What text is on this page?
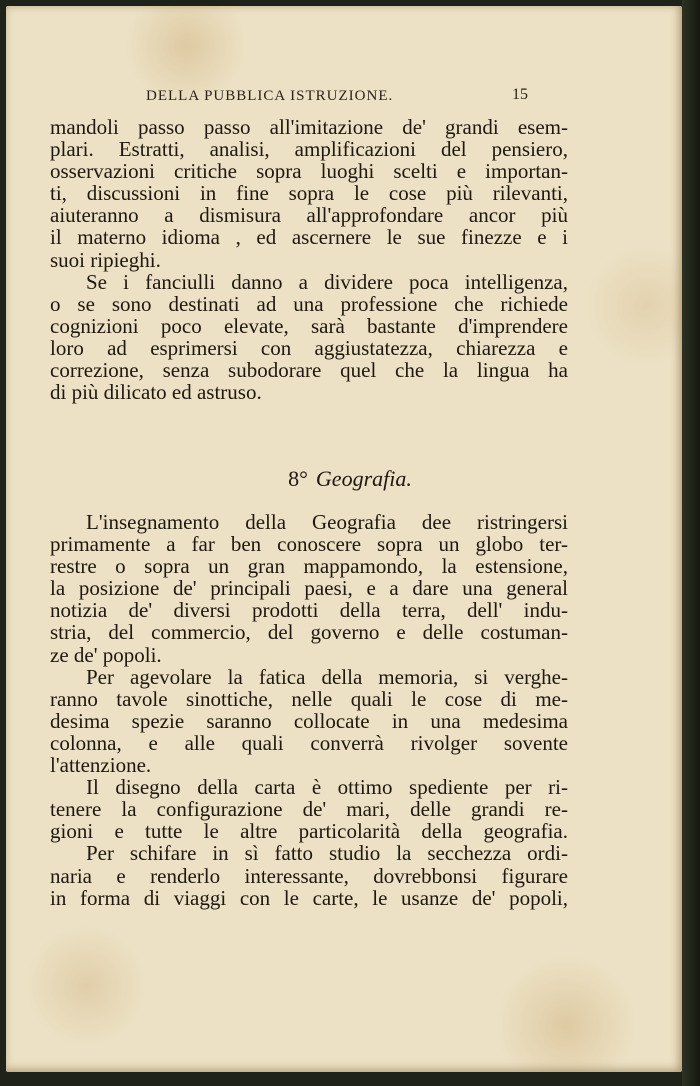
DELLA PUBBLICA ISTRUZIONE.	15
mandoli passo passo all'imitazione de' grandi esem-
plari. Estratti, analisi, amplificazioni del pensiero,
osservazioni critiche sopra luoghi scelti e importan-
ti, discussioni in fine sopra le cose più rilevanti,
aiuteranno a dismisura all'approfondare ancor più
il materno idioma , ed ascernere le sue finezze e i
suoi ripieghi.
Se i fanciulli danno a dividere poca intelligenza,
o se sono destinati ad una professione che richiede
cognizioni poco elevate, sarà bastante d'imprendere
loro ad esprimersi con aggiustatezza, chiarezza e
correzione, senza subodorare quel che la lingua ha
di più dilicato ed astruso.
8° Geografia.
L'insegnamento della Geografia dee ristringersi
primamente a far ben conoscere sopra un globo ter-
restre o sopra un gran mappamondo, la estensione,
la posizione de' principali paesi, e a dare una general
notizia de' diversi prodotti della terra, dell' indu-
stria, del commercio, del governo e delle costuman-
ze de' popoli.
Per agevolare la fatica della memoria, si verghe-
ranno tavole sinottiche, nelle quali le cose di me-
desima spezie saranno collocate in una medesima
colonna, e alle quali converrà rivolger sovente
l'attenzione.
Il disegno della carta è ottimo spediente per ri-
tenere la configurazione de' mari, delle grandi re-
gioni e tutte le altre particolarità della geografia.
Per schifare in sì fatto studio la secchezza ordi-
naria e renderlo interessante, dovrebbonsi figurare
in forma di viaggi con le carte, le usanze de' popoli,
